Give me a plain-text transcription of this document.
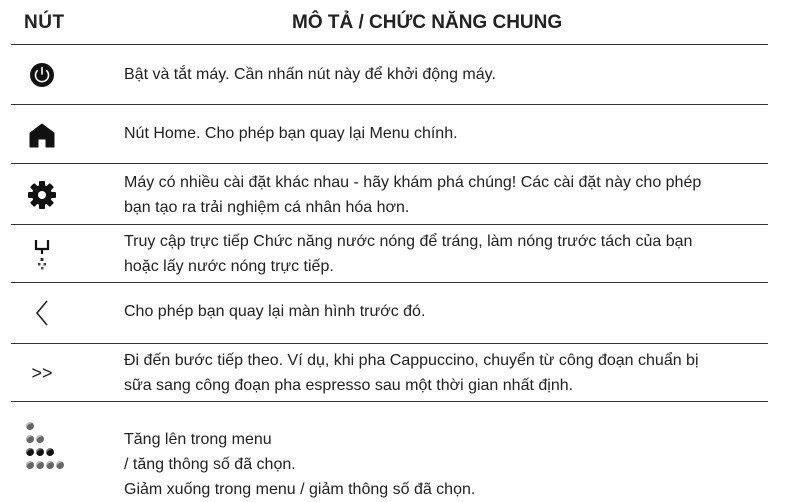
NÚT	MÔ TẢ / CHỨC NĂNG CHUNG
Bật và tắt máy. Cần nhấn nút này để khởi động máy.
Nút Home. Cho phép bạn quay lại Menu chính.
Máy có nhiều cài đặt khác nhau - hãy khám phá chúng! Các cài đặt này cho phép
bạn tạo ra trải nghiệm cá nhân hóa hơn.
Truy cập trực tiếp Chức năng nước nóng để tráng, làm nóng trước tách của bạn
hoặc lấy nước nóng trực tiếp.
Cho phép bạn quay lại màn hình trước đó.
>>
Đi đến bước tiếp theo. Ví dụ, khi pha Cappuccino, chuyển từ công đoạn chuẩn bị
sữa sang công đoạn pha espresso sau một thời gian nhất định.
Tăng lên trong menu
/ tăng thông số đã chọn.
Giảm xuống trong menu / giảm thông số đã chọn.
